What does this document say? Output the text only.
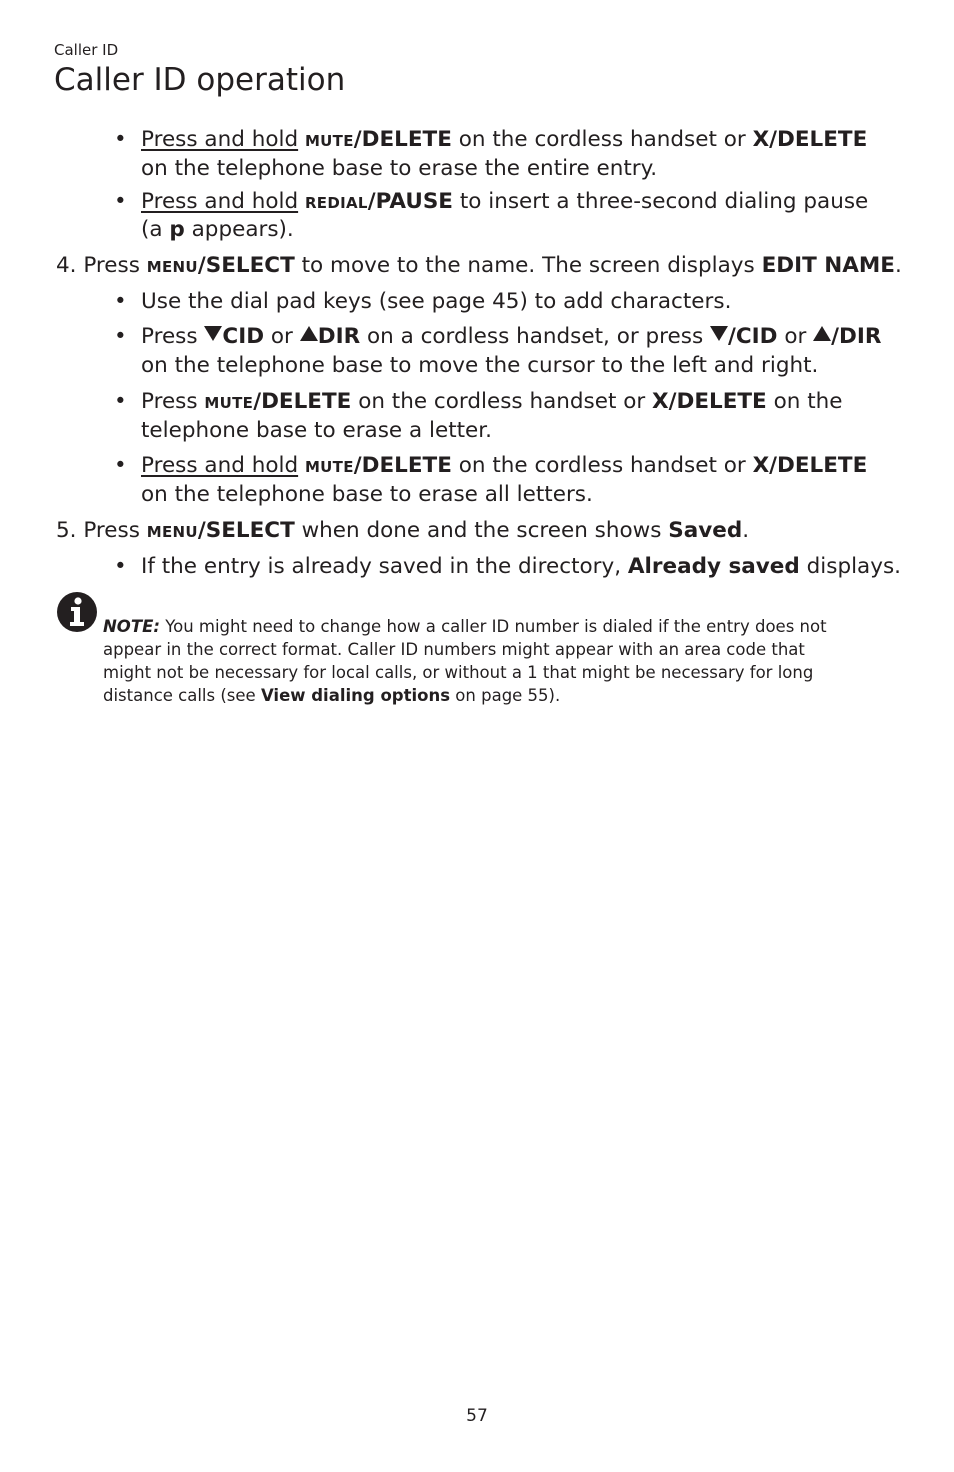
Caller ID
Caller ID operation
• Press and hold MUTE/DELETE on the cordless handset or X/DELETE
on the telephone base to erase the entire entry.
• Press and hold REDIAL/PAUSE to insert a three-second dialing pause
(a p appears).
4. Press MENU/SELECT to move to the name. The screen displays EDIT NAME.
• Use the dial pad keys (see page 45) to add characters.
• Press CID or DIR on a cordless handset, or press /CID or /DIR
on the telephone base to move the cursor to the left and right.
• Press MUTE/DELETE on the cordless handset or X/DELETE on the
telephone base to erase a letter.
• Press and hold MUTE/DELETE on the cordless handset or X/DELETE
on the telephone base to erase all letters.
5. Press MENU/SELECT when done and the screen shows Saved.
• If the entry is already saved in the directory, Already saved displays.
NOTE: You might need to change how a caller ID number is dialed if the entry does not
appear in the correct format. Caller ID numbers might appear with an area code that
might not be necessary for local calls, or without a 1 that might be necessary for long
distance calls (see View dialing options on page 55).
57
